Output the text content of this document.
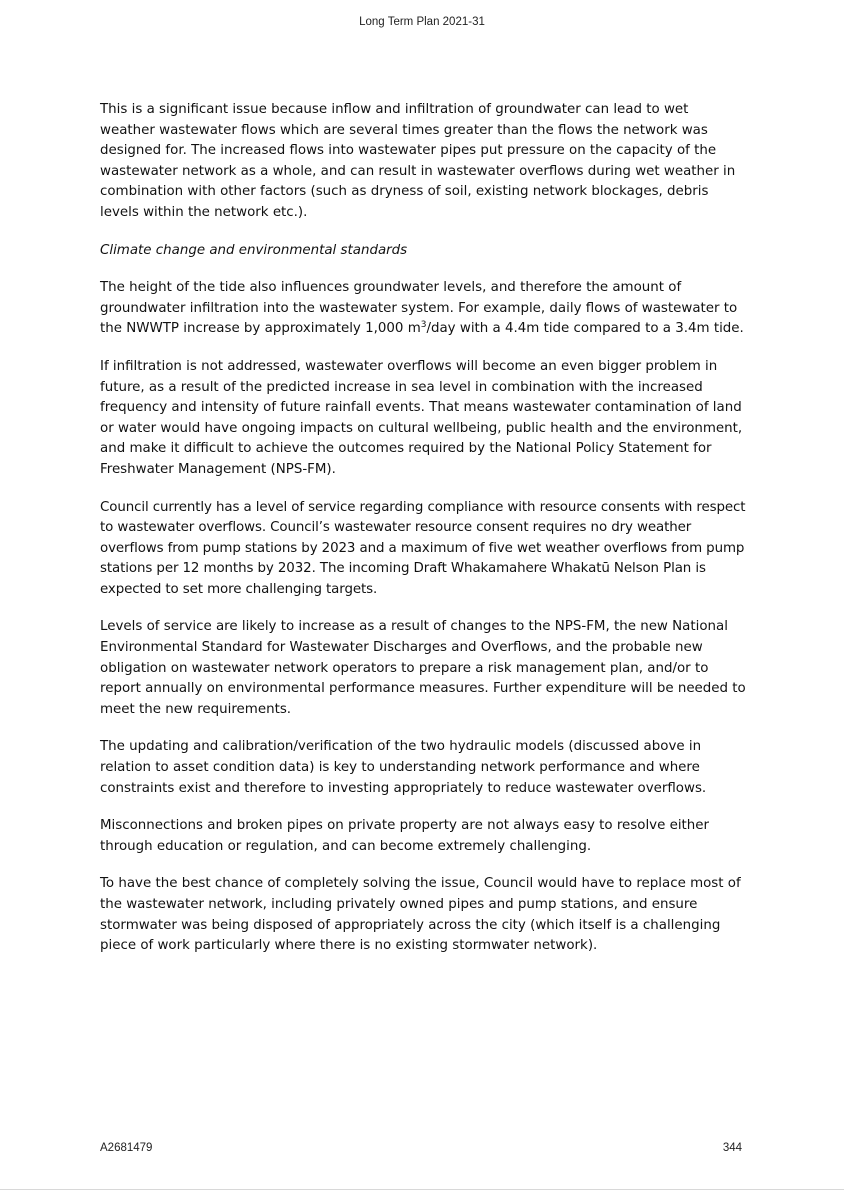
Long Term Plan 2021-31

This is a significant issue because inflow and infiltration of groundwater can lead to wet weather wastewater flows which are several times greater than the flows the network was designed for. The increased flows into wastewater pipes put pressure on the capacity of the wastewater network as a whole, and can result in wastewater overflows during wet weather in combination with other factors (such as dryness of soil, existing network blockages, debris levels within the network etc.).

Climate change and environmental standards

The height of the tide also influences groundwater levels, and therefore the amount of groundwater infiltration into the wastewater system. For example, daily flows of wastewater to the NWWTP increase by approximately 1,000 $m^3$/day with a 4.4m tide compared to a 3.4m tide.

If infiltration is not addressed, wastewater overflows will become an even bigger problem in future, as a result of the predicted increase in sea level in combination with the increased frequency and intensity of future rainfall events. That means wastewater contamination of land or water would have ongoing impacts on cultural wellbeing, public health and the environment, and make it difficult to achieve the outcomes required by the National Policy Statement for Freshwater Management (NPS-FM).

Council currently has a level of service regarding compliance with resource consents with respect to wastewater overflows. Council’s wastewater resource consent requires no dry weather overflows from pump stations by 2023 and a maximum of five wet weather overflows from pump stations per 12 months by 2032. The incoming Draft Whakamahere Whakatū Nelson Plan is expected to set more challenging targets.

Levels of service are likely to increase as a result of changes to the NPS-FM, the new National Environmental Standard for Wastewater Discharges and Overflows, and the probable new obligation on wastewater network operators to prepare a risk management plan, and/or to report annually on environmental performance measures. Further expenditure will be needed to meet the new requirements.

The updating and calibration/verification of the two hydraulic models (discussed above in relation to asset condition data) is key to understanding network performance and where constraints exist and therefore to investing appropriately to reduce wastewater overflows.

Misconnections and broken pipes on private property are not always easy to resolve either through education or regulation, and can become extremely challenging.

To have the best chance of completely solving the issue, Council would have to replace most of the wastewater network, including privately owned pipes and pump stations, and ensure stormwater was being disposed of appropriately across the city (which itself is a challenging piece of work particularly where there is no existing stormwater network).

A2681479	344
